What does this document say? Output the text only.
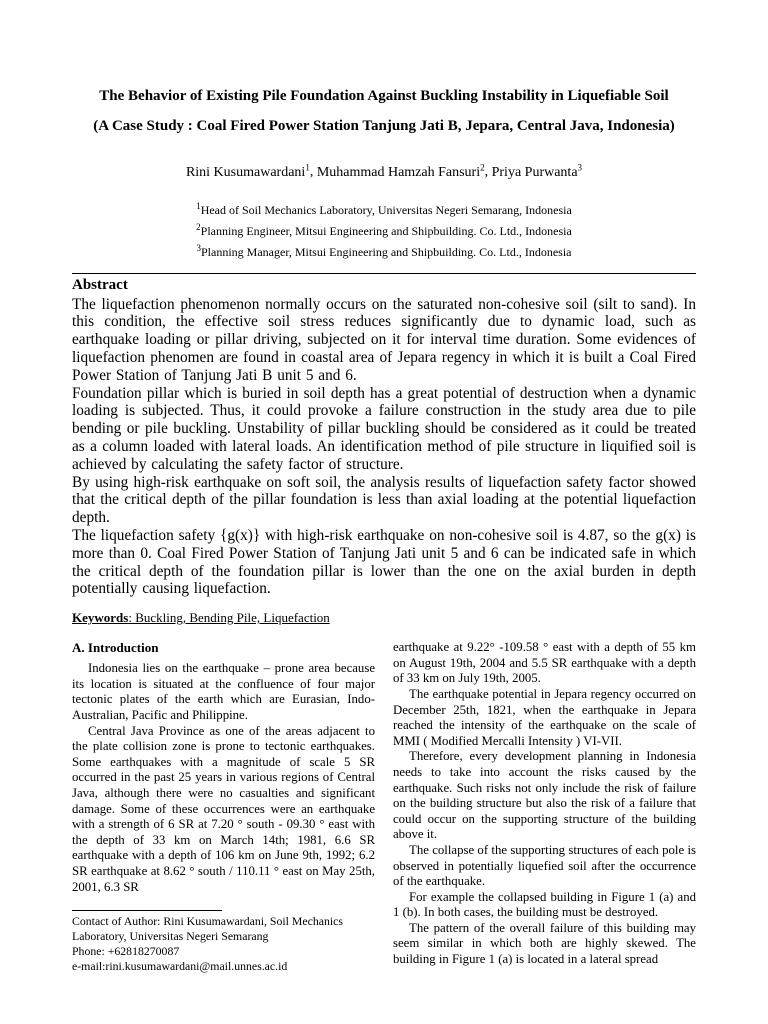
The Behavior of Existing Pile Foundation Against Buckling Instability in Liquefiable Soil
(A Case Study : Coal Fired Power Station Tanjung Jati B, Jepara, Central Java, Indonesia)
Rini Kusumawardani$^1$, Muhammad Hamzah Fansuri$^2$, Priya Purwanta$^3$
$^1$Head of Soil Mechanics Laboratory, Universitas Negeri Semarang, Indonesia
$^2$Planning Engineer, Mitsui Engineering and Shipbuilding. Co. Ltd., Indonesia
$^3$Planning Manager, Mitsui Engineering and Shipbuilding. Co. Ltd., Indonesia
Abstract

The liquefaction phenomenon normally occurs on the saturated non-cohesive soil (silt to sand). In this condition, the effective soil stress reduces significantly due to dynamic load, such as earthquake loading or pillar driving, subjected on it for interval time duration. Some evidences of liquefaction phenomen are found in coastal area of Jepara regency in which it is built a Coal Fired Power Station of Tanjung Jati B unit 5 and 6.

Foundation pillar which is buried in soil depth has a great potential of destruction when a dynamic loading is subjected. Thus, it could provoke a failure construction in the study area due to pile bending or pile buckling. Unstability of pillar buckling should be considered as it could be treated as a column loaded with lateral loads. An identification method of pile structure in liquified soil is achieved by calculating the safety factor of structure.

By using high-risk earthquake on soft soil, the analysis results of liquefaction safety factor showed that the critical depth of the pillar foundation is less than axial loading at the potential liquefaction depth.

The liquefaction safety {g(x)} with high-risk earthquake on non-cohesive soil is 4.87, so the g(x) is more than 0. Coal Fired Power Station of Tanjung Jati unit 5 and 6 can be indicated safe in which the critical depth of the foundation pillar is lower than the one on the axial burden in depth potentially causing liquefaction.

Keywords: Buckling, Bending Pile, Liquefaction
A. Introduction

Indonesia lies on the earthquake – prone area because its location is situated at the confluence of four major tectonic plates of the earth which are Eurasian, Indo-Australian, Pacific and Philippine.

Central Java Province as one of the areas adjacent to the plate collision zone is prone to tectonic earthquakes. Some earthquakes with a magnitude of scale 5 SR occurred in the past 25 years in various regions of Central Java, although there were no casualties and significant damage. Some of these occurrences were an earthquake with a strength of 6 SR at 7.20 ° south - 09.30 ° east with the depth of 33 km on March 14th; 1981, 6.6 SR earthquake with a depth of 106 km on June 9th, 1992; 6.2 SR earthquake at 8.62 ° south / 110.11 ° east on May 25th, 2001, 6.3 SR

Contact of Author: Rini Kusumawardani, Soil Mechanics Laboratory, Universitas Negeri Semarang
Phone: +62818270087
e-mail:rini.kusumawardani@mail.unnes.ac.id

earthquake at 9.22° -109.58 ° east with a depth of 55 km on August 19th, 2004 and 5.5 SR earthquake with a depth of 33 km on July 19th, 2005.

The earthquake potential in Jepara regency occurred on December 25th, 1821, when the earthquake in Jepara reached the intensity of the earthquake on the scale of MMI ( Modified Mercalli Intensity ) VI-VII.

Therefore, every development planning in Indonesia needs to take into account the risks caused by the earthquake. Such risks not only include the risk of failure on the building structure but also the risk of a failure that could occur on the supporting structure of the building above it.

The collapse of the supporting structures of each pole is observed in potentially liquefied soil after the occurrence of the earthquake.

For example the collapsed building in Figure 1 (a) and 1 (b). In both cases, the building must be destroyed.

The pattern of the overall failure of this building may seem similar in which both are highly skewed. The building in Figure 1 (a) is located in a lateral spread
